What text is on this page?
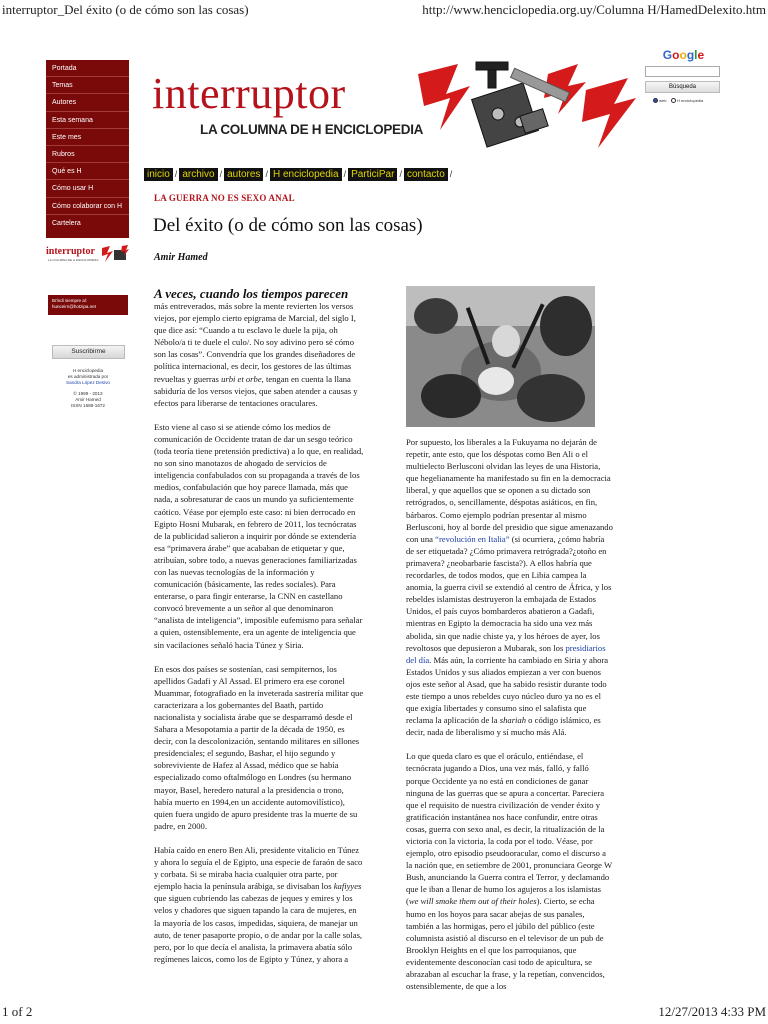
interruptor_Del éxito (o de cómo son las cosas)	http://www.henciclopedia.org.uy/Columna H/HamedDelexito.htm
Portada
Temas
Autores
Esta semana
Este mes
Rubros
Qué es H
Cómo usar H
Cómo colaborar con H
Cartelera
interruptor
LA COLUMNA DE H ENCICLOPEDIA
Bríndi siempre al: hunceirn@hotzipa.net
Suscribirme
H enciclopedia
es administrada por
Sandra López Desivo
© 1999 - 2013
Amir Hamed
ISSN 1688-1672
interruptor
LA COLUMNA DE H ENCICLOPEDIA
Google
Búsqueda
web	H enciclopedia
inicio / archivo / autores / H enciclopedia / ParticiPar / contacto /
LA GUERRA NO ES SEXO ANAL
Del éxito (o de cómo son las cosas)
Amir Hamed
A veces, cuando los tiempos parecen

más entreverados, más sobre la mente revierten los versos viejos, por ejemplo cierto epigrama de Marcial, del siglo I, que dice así: “Cuando a tu esclavo le duele la pija, oh Nébolo/a ti te duele el culo/. No soy adivino pero sé cómo son las cosas”. Convendría que los grandes diseñadores de política internacional, es decir, los gestores de las últimas revueltas y guerras urbi et orbe, tengan en cuenta la llana sabiduría de los versos viejos, que saben atender a causas y efectos para liberarse de tentaciones oraculares.

Esto viene al caso si se atiende cómo los medios de comunicación de Occidente tratan de dar un sesgo teórico (toda teoría tiene pretensión predictiva) a lo que, en realidad, no son sino manotazos de ahogado de servicios de inteligencia confabulados con su propaganda a través de los medios, confabulación que hoy parece llamada, más que nada, a sobresaturar de caos un mundo ya suficientemente caótico. Véase por ejemplo este caso: ni bien derrocado en Egipto Hosni Mubarak, en febrero de 2011, los tecnócratas de la publicidad salieron a inquirir por dónde se extendería esa “primavera árabe” que acababan de etiquetar y que, atribuían, sobre todo, a nuevas generaciones familiarizadas con las nuevas tecnologías de la información y comunicación (básicamente, las redes sociales). Para enterarse, o para fingir enterarse, la CNN en castellano convocó brevemente a un señor al que denominaron “analista de inteligencia”, imposible eufemismo para señalar a quien, ostensiblemente, era un agente de inteligencia que sin vacilaciones señaló hacia Túnez y Siria.

En esos dos países se sostenían, casi sempiternos, los apellidos Gadafi y Al Assad. El primero era ese coronel Muammar, fotografiado en la inveterada sastrería militar que caracterizara a los gobernantes del Baath, partido nacionalista y socialista árabe que se desparramó desde el Sahara a Mesopotamia a partir de la década de 1950, es decir, con la descolonización, sentando militares en sillones presidenciales; el segundo, Bashar, el hijo segundo y sobreviviente de Hafez al Assad, médico que se había especializado como oftalmólogo en Londres (su hermano mayor, Basel, heredero natural a la presidencia o trono, había muerto en 1994,en un accidente automovilístico), quien fuera ungido de apuro presidente tras la muerte de su padre, en 2000.

Había caído en enero Ben Ali, presidente vitalicio en Túnez y ahora lo seguía el de Egipto, una especie de faraón de saco y corbata. Si se miraba hacia cualquier otra parte, por ejemplo hacia la península arábiga, se divisaban los kafiyyes que siguen cubriendo las cabezas de jeques y emires y los velos y chadores que siguen tapando la cara de mujeres, en la mayoría de los casos, impedidas, siquiera, de manejar un auto, de tener pasaporte propio, o de andar por la calle solas, pero, por lo que decía el analista, la primavera abatía sólo regímenes laicos, como los de Egipto y Túnez, y ahora a

Por supuesto, los liberales a la Fukuyama no dejarán de repetir, ante esto, que los déspotas como Ben Ali o el multielecto Berlusconi olvidan las leyes de una Historia, que hegelianamente ha manifestado su fin en la democracia liberal, y que aquellos que se oponen a su dictado son retrógrados, o, sencillamente, déspotas asiáticos, en fin, bárbaros. Como ejemplo podrían presentar al mismo Berlusconi, hoy al borde del presidio que sigue amenazando con una “revolución en Italia” (si ocurriera, ¿cómo habría de ser etiquetada? ¿Cómo primavera retrógrada?¿otoño en primavera? ¿neobarbarie fascista?). A ellos habría que recordarles, de todos modos, que en Libia campea la anomia, la guerra civil se extendió al centro de África, y los rebeldes islamistas destruyeron la embajada de Estados Unidos, el país cuyos bombarderos abatieron a Gadafi, mientras en Egipto la democracia ha sido una vez más abolida, sin que nadie chiste ya, y los héroes de ayer, los revoltosos que depusieron a Mubarak, son los presidiarios del día. Más aún, la corriente ha cambiado en Siria y ahora Estados Unidos y sus aliados empiezan a ver con buenos ojos este señor al Asad, que ha sabido resistir durante todo este tiempo a unos rebeldes cuyo núcleo duro ya no es el que exigía libertades y consumo sino el salafista que reclama la aplicación de la shariah o código islámico, es decir, nada de liberalismo y sí mucho más Alá.

Lo que queda claro es que el oráculo, entiéndase, el tecnócrata jugando a Dios, una vez más, falló, y falló porque Occidente ya no está en condiciones de ganar ninguna de las guerras que se apura a concertar. Pareciera que el requisito de nuestra civilización de vender éxito y gratificación instantánea nos hace confundir, entre otras cosas, guerra con sexo anal, es decir, la ritualización de la victoria con la victoria, la coda por el todo. Véase, por ejemplo, otro episodio pseudooracular, como el discurso a la nación que, en setiembre de 2001, pronunciara George W Bush, anunciando la Guerra contra el Terror, y declamando que le iban a llenar de humo los agujeros a los islamistas (we will smoke them out of their holes). Cierto, se echa humo en los hoyos para sacar abejas de sus panales, también a las hormigas, pero el júbilo del público (este columnista asistió al discurso en el televisor de un pub de Brooklyn Heights en el que los parroquianos, que evidentemente desconocían casi todo de apicultura, se abrazaban al escuchar la frase, y la repetían, convencidos, ostensiblemente, de que a los

1 of 2	12/27/2013 4:33 PM
